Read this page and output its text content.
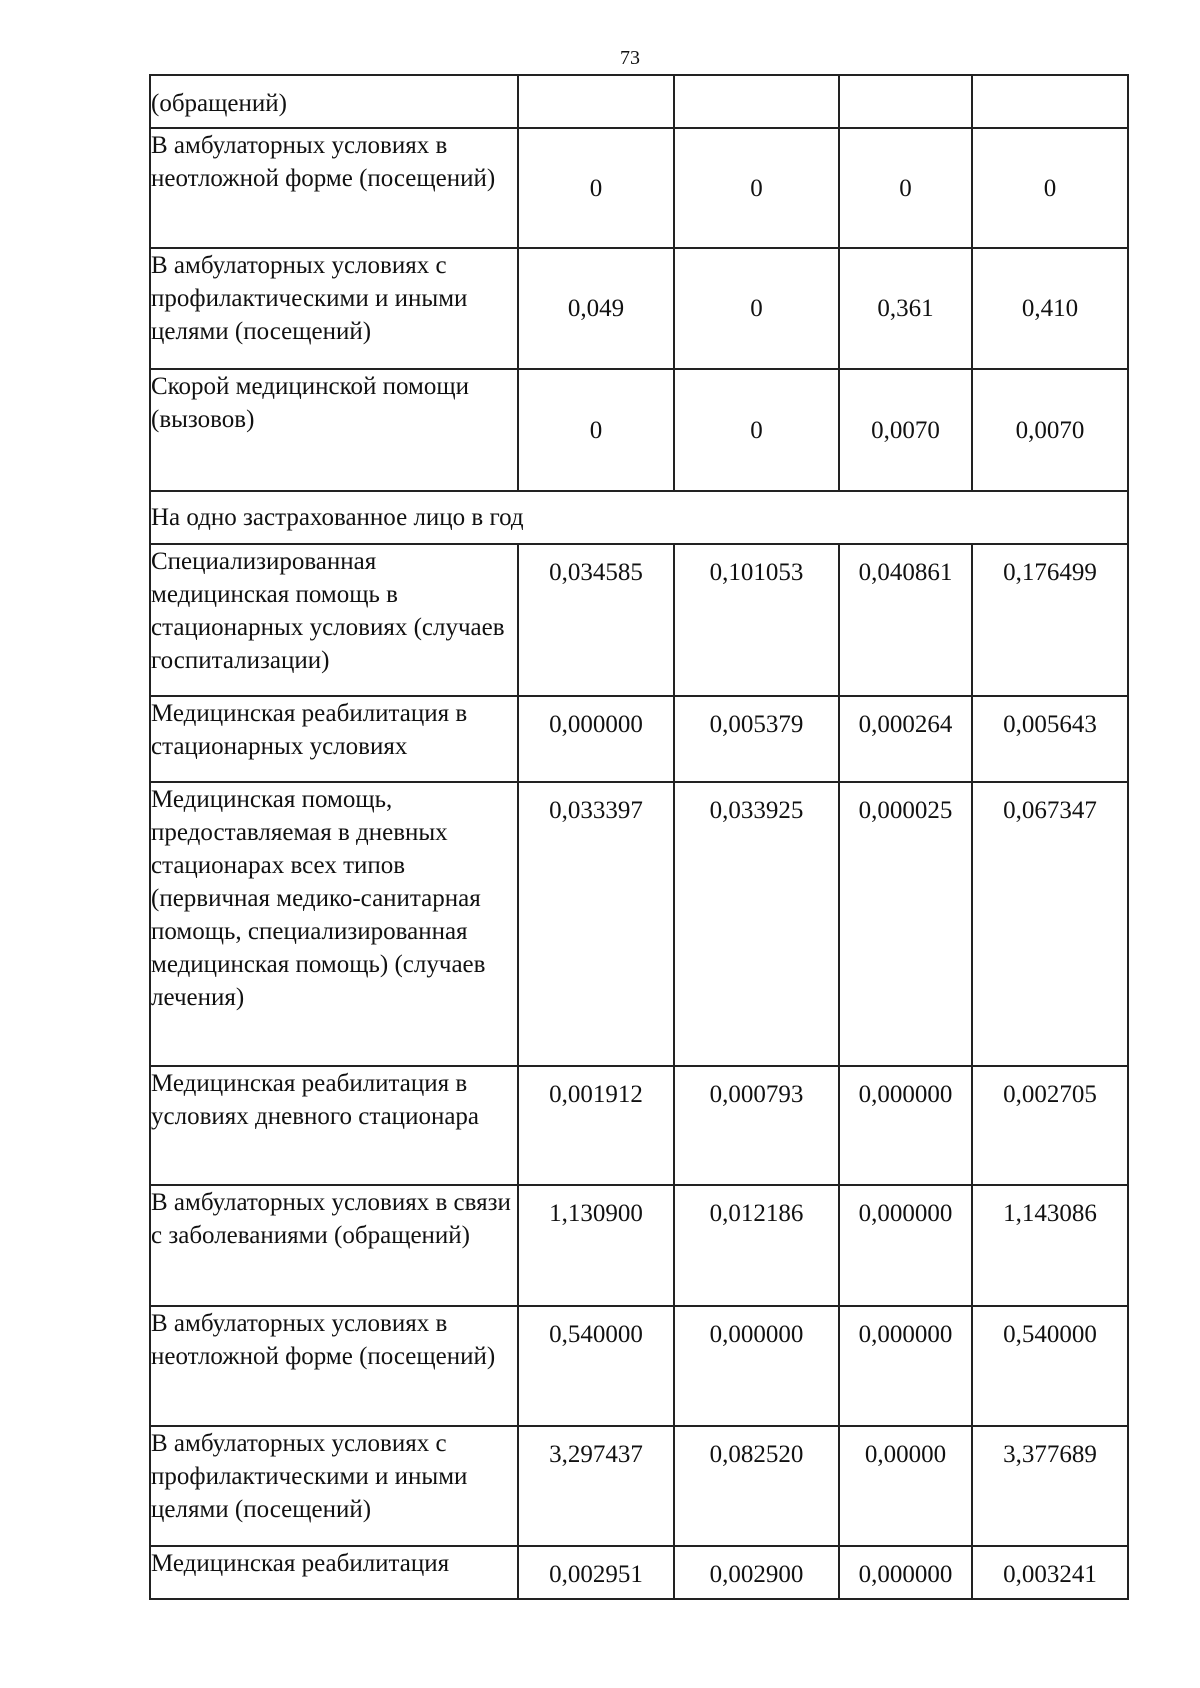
73
(обращений)				
В амбулаторных условиях в неотложной форме (посещений)	0	0	0	0
В амбулаторных условиях с профилактическими и иными целями (посещений)	0,049	0	0,361	0,410
Скорой медицинской помощи (вызовов)	0	0	0,0070	0,0070
На одно застрахованное лицо в год				
Специализированная медицинская помощь в стационарных условиях (случаев госпитализации)	0,034585	0,101053	0,040861	0,176499
Медицинская реабилитация в стационарных условиях	0,000000	0,005379	0,000264	0,005643
Медицинская помощь, предоставляемая в дневных стационарах всех типов (первичная медико-санитарная помощь, специализированная медицинская помощь) (случаев лечения)	0,033397	0,033925	0,000025	0,067347
Медицинская реабилитация в условиях дневного стационара	0,001912	0,000793	0,000000	0,002705
В амбулаторных условиях в связи с заболеваниями (обращений)	1,130900	0,012186	0,000000	1,143086
В амбулаторных условиях в неотложной форме (посещений)	0,540000	0,000000	0,000000	0,540000
В амбулаторных условиях с профилактическими и иными целями (посещений)	3,297437	0,082520	0,00000	3,377689
Медицинская реабилитация	0,002951	0,002900	0,000000	0,003241
